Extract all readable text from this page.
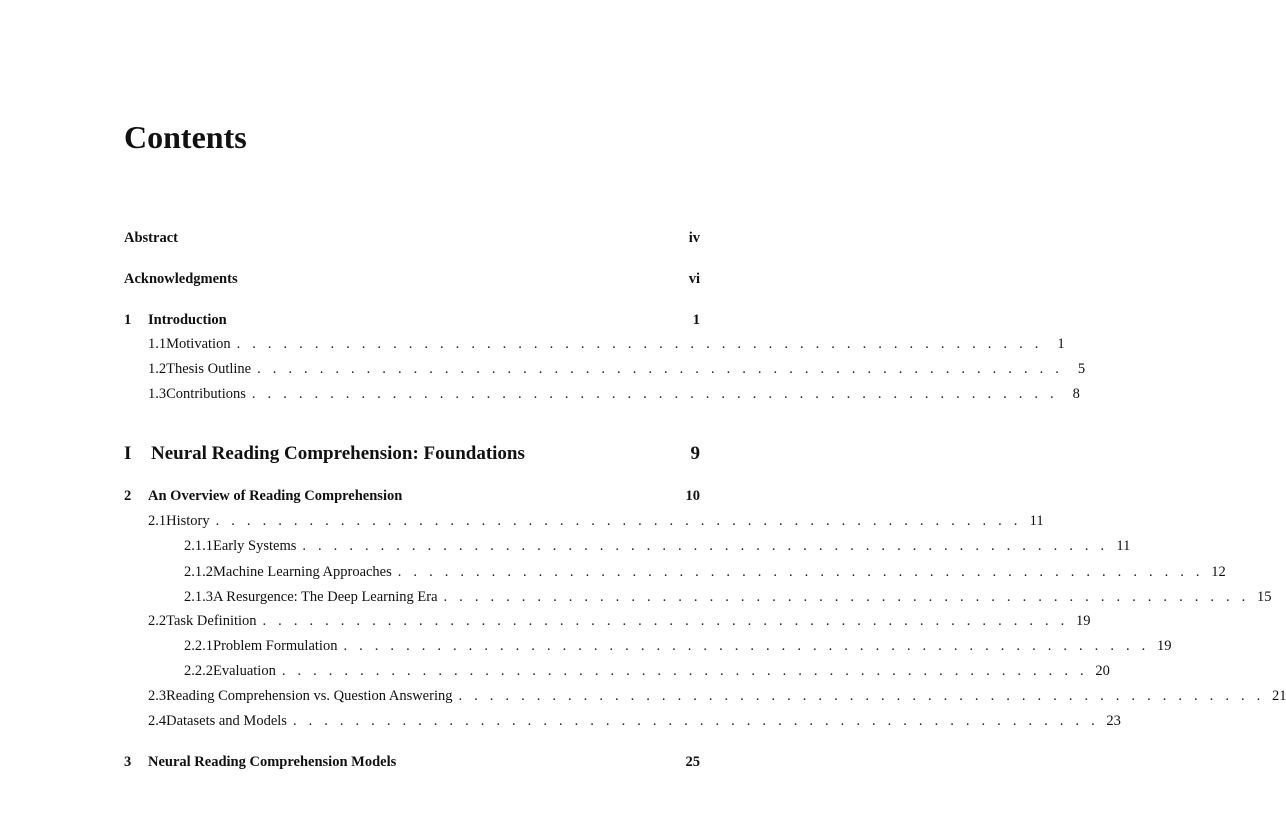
Contents
Abstract	iv
Acknowledgments	vi
1	Introduction	1
1.1 Motivation . . . . . . . . . . . . . . . . . . . . . . . . . . . . . . . . . . . . . . . . . . . . . . . . . . . .	1
1.2 Thesis Outline . . . . . . . . . . . . . . . . . . . . . . . . . . . . . . . . . . . . . . . . . . . . . . . . . . . .	5
1.3 Contributions . . . . . . . . . . . . . . . . . . . . . . . . . . . . . . . . . . . . . . . . . . . . . . . . . . . .	8
I	Neural Reading Comprehension: Foundations	9
2	An Overview of Reading Comprehension	10
2.1 History . . . . . . . . . . . . . . . . . . . . . . . . . . . . . . . . . . . . . . . . . . . . . . . . . . . . 11
2.1.1 Early Systems . . . . . . . . . . . . . . . . . . . . . . . . . . . . . . . . . . . . . . . . . . . . . . . . . . . . 11
2.1.2 Machine Learning Approaches . . . . . . . . . . . . . . . . . . . . . . . . . . . . . . . . . . . . . . . . . . . . . . . . . . . . 12
2.1.3 A Resurgence: The Deep Learning Era . . . . . . . . . . . . . . . . . . . . . . . . . . . . . . . . . . . . . . . . . . . . . . . . . . . . 15
2.2 Task Definition . . . . . . . . . . . . . . . . . . . . . . . . . . . . . . . . . . . . . . . . . . . . . . . . . . . . 19
2.2.1 Problem Formulation . . . . . . . . . . . . . . . . . . . . . . . . . . . . . . . . . . . . . . . . . . . . . . . . . . . . 19
2.2.2 Evaluation . . . . . . . . . . . . . . . . . . . . . . . . . . . . . . . . . . . . . . . . . . . . . . . . . . . . 20
2.3 Reading Comprehension vs. Question Answering . . . . . . . . . . . . . . . . . . . . . . . . . . . . . . . . . . . . . . . . . . . . . . . . . . . . 21
2.4 Datasets and Models . . . . . . . . . . . . . . . . . . . . . . . . . . . . . . . . . . . . . . . . . . . . . . . . . . . . 23
3	Neural Reading Comprehension Models	25
